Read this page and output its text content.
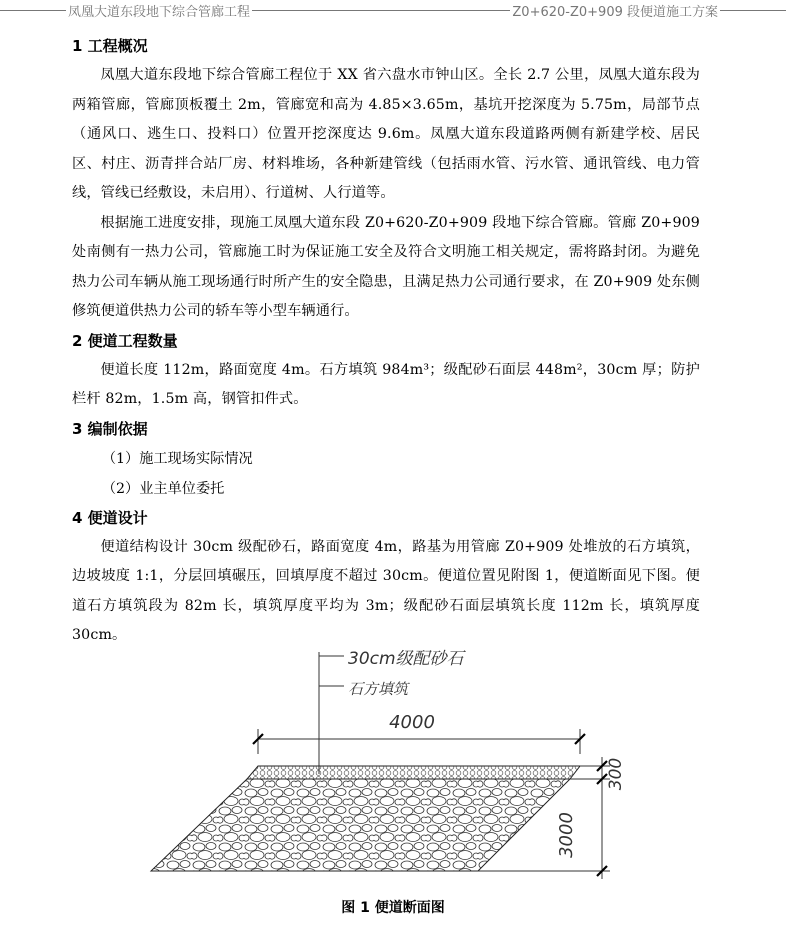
凤凰大道东段地下综合管廊工程	Z0+620-Z0+909 段便道施工方案
1 工程概况
凤凰大道东段地下综合管廊工程位于 XX 省六盘水市钟山区。全长 2.7 公里，凤凰大道东段为两箱管廊，管廊顶板覆土 2m，管廊宽和高为 4.85×3.65m，基坑开挖深度为 5.75m，局部节点（通风口、逃生口、投料口）位置开挖深度达 9.6m。凤凰大道东段道路两侧有新建学校、居民区、村庄、沥青拌合站厂房、材料堆场，各种新建管线（包括雨水管、污水管、通讯管线、电力管线，管线已经敷设，未启用）、行道树、人行道等。
根据施工进度安排，现施工凤凰大道东段 Z0+620-Z0+909 段地下综合管廊。管廊 Z0+909 处南侧有一热力公司，管廊施工时为保证施工安全及符合文明施工相关规定，需将路封闭。为避免热力公司车辆从施工现场通行时所产生的安全隐患，且满足热力公司通行要求，在 Z0+909 处东侧修筑便道供热力公司的轿车等小型车辆通行。
2 便道工程数量
便道长度 112m，路面宽度 4m。石方填筑 984m³；级配砂石面层 448m²，30cm 厚；防护栏杆 82m，1.5m 高，钢管扣件式。
3 编制依据
（1）施工现场实际情况
（2）业主单位委托
4 便道设计
便道结构设计 30cm 级配砂石，路面宽度 4m，路基为用管廊 Z0+909 处堆放的石方填筑，边坡坡度 1:1，分层回填碾压，回填厚度不超过 30cm。便道位置见附图 1，便道断面见下图。便道石方填筑段为 82m 长，填筑厚度平均为 3m；级配砂石面层填筑长度 112m 长，填筑厚度 30cm。
30cm级配砂石
石方填筑
4000
300
3000
图 1 便道断面图
